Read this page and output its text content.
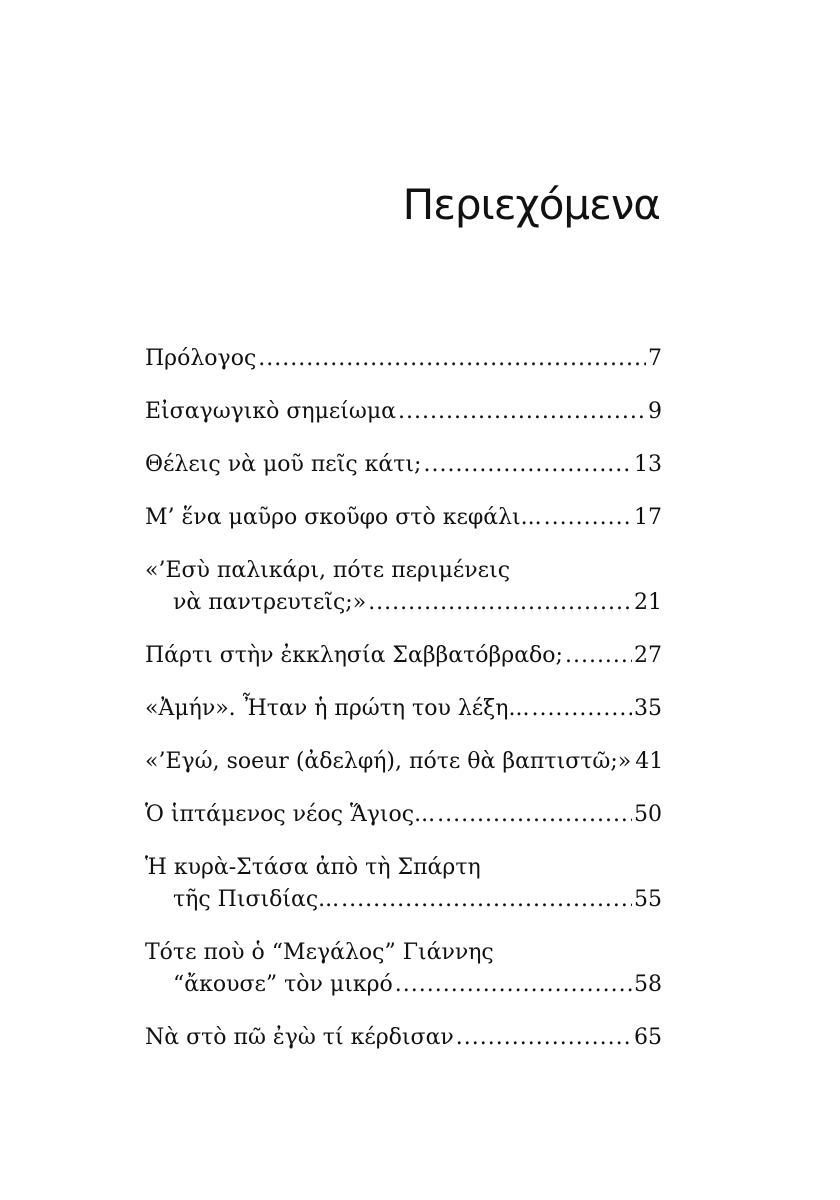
Περιεχόμενα
Πρόλογος .....	7
Εἰσαγωγικὸ σημείωμα .....	9
Θέλεις νὰ μοῦ πεῖς κάτι; .....	13
Μ’ ἕνα μαῦρο σκοῦφο στὸ κεφάλι... .....	17
«’Εσὺ παλικάρι, πότε περιμένεις
νὰ παντρευτεῖς;» .....	21
Πάρτι στὴν ἐκκλησία Σαββατόβραδο; .....	27
«Ἀμήν». Ἦταν ἡ πρώτη του λέξη... .....	35
«’Εγώ, soeur (ἀδελφή), πότε θὰ βαπτιστῶ;» 41
Ὁ ἱπτάμενος νέος Ἅγιος... .....	50
Ἡ κυρὰ-Στάσα ἀπὸ τὴ Σπάρτη
τῆς Πισιδίας... .....	55
Τότε ποὺ ὁ “Μεγάλος” Γιάννης
“ἄκουσε” τὸν μικρό .....	58
Νὰ στὸ πῶ ἐγὼ τί κέρδισαν .....	65
